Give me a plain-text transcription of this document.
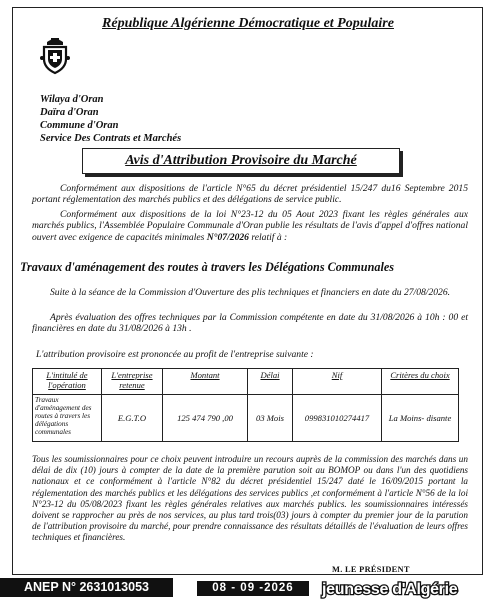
République Algérienne Démocratique et Populaire
Wilaya d'Oran
Daïra d'Oran
Commune d'Oran
Service Des Contrats et Marchés
Avis d'Attribution Provisoire du Marché
Conformément aux dispositions de l'article N°65 du décret présidentiel 15/247 du16 Septembre 2015 portant réglementation des marchés publics et des délégations de service public.
Conformément aux dispositions de la loi N°23-12 du 05 Aout 2023 fixant les règles générales aux marchés publics, l'Assemblée Populaire Communale d'Oran publie les résultats de l'avis d'appel d'offres national ouvert avec exigence de capacités minimales N°07/2026 relatif à :
Travaux d'aménagement des routes à travers les Délégations Communales
Suite à la séance de la Commission d'Ouverture des plis techniques et financiers en date du 27/08/2026.
Après évaluation des offres techniques par la Commission compétente en date du 31/08/2026 à 10h : 00 et financières en date du 31/08/2026 à 13h .
L'attribution provisoire est prononcée au profit de l'entreprise suivante :
L'intitulé de l'opération	L'entreprise retenue	Montant	Délai	Nif	Critères du choix
Travaux d'aménagement des routes à travers les délégations communales	E.G.T.O	125 474 790 ,00	03 Mois	099831010274417	La Moins- disante
Tous les soumissionnaires pour ce choix peuvent introduire un recours auprès de la commission des marchés dans un délai de dix (10) jours à compter de la date de la première parution soit au BOMOP ou dans l'un des quotidiens nationaux et ce conformément à l'article N°82 du décret présidentiel 15/247 daté le 16/09/2015 portant la réglementation des marchés publics et les délégations des services publics ,et conformément à l'article N°56 de la loi N°23-12 du 05/08/2023 fixant les règles générales relatives aux marchés publics. les soumissionnaires intéressés doivent se rapprocher au près de nos services, au plus tard trois(03) jours à compter du premier jour de la parution de l'attribution provisoire du marché, pour prendre connaissance des résultats détaillés de l'évaluation de leurs offres techniques et financières.
M. LE PRÉSIDENT
ANEP N° 2631013053	08 - 09 -2026	jeunesse d'Algérie
